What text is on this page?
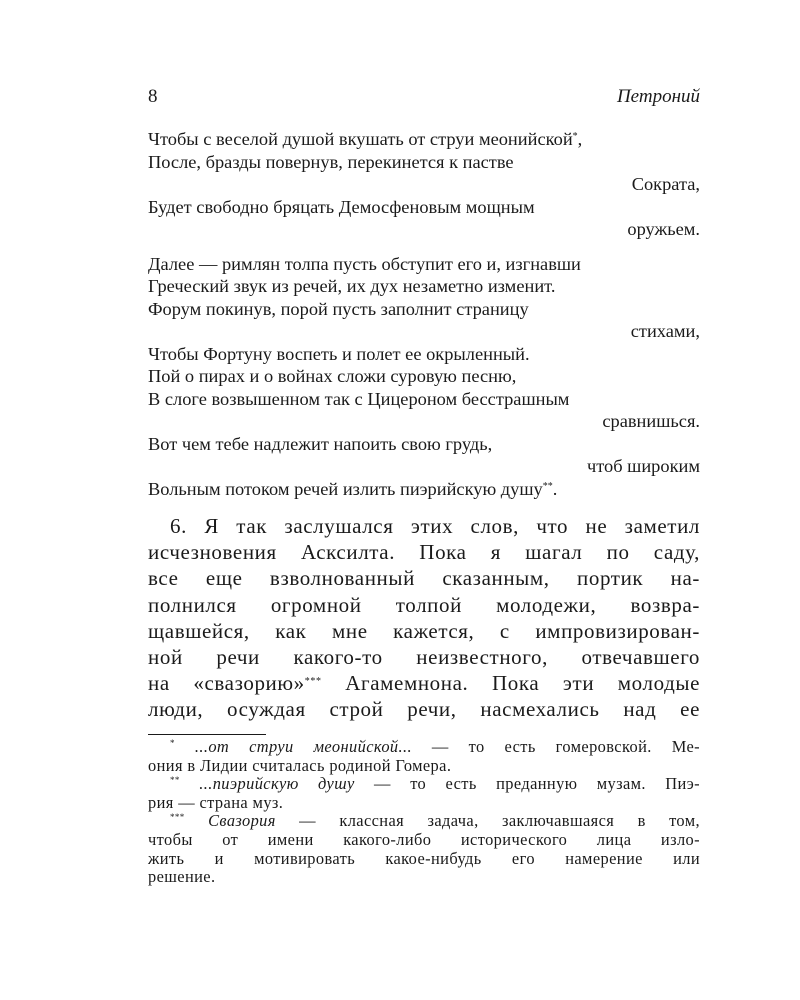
8	Петроний
Чтобы с веселой душой вкушать от струи меонийской*,
После, бразды повернув, перекинется к пастве
Сократа,
Будет свободно бряцать Демосфеновым мощным
оружьем.
Далее — римлян толпа пусть обступит его и, изгнавши
Греческий звук из речей, их дух незаметно изменит.
Форум покинув, порой пусть заполнит страницу
стихами,
Чтобы Фортуну воспеть и полет ее окрыленный.
Пой о пирах и о войнах сложи суровую песню,
В слоге возвышенном так с Цицероном бесстрашным
сравнишься.
Вот чем тебе надлежит напоить свою грудь,
чтоб широким
Вольным потоком речей излить пиэрийскую душу**.
6. Я так заслушался этих слов, что не заметил
исчезновения Асксилта. Пока я шагал по саду,
все еще взволнованный сказанным, портик на-
полнился огромной толпой молодежи, возвра-
щавшейся, как мне кажется, с импровизирован-
ной речи какого-то неизвестного, отвечавшего
на «свазорию»*** Агамемнона. Пока эти молодые
люди, осуждая строй речи, насмехались над ее
* ...от струи меонийской... — то есть гомеровской. Ме-
ония в Лидии считалась родиной Гомера.
** ...пиэрийскую душу — то есть преданную музам. Пиэ-
рия — страна муз.
*** Свазория — классная задача, заключавшаяся в том,
чтобы от имени какого-либо исторического лица изло-
жить и мотивировать какое-нибудь его намерение или
решение.
